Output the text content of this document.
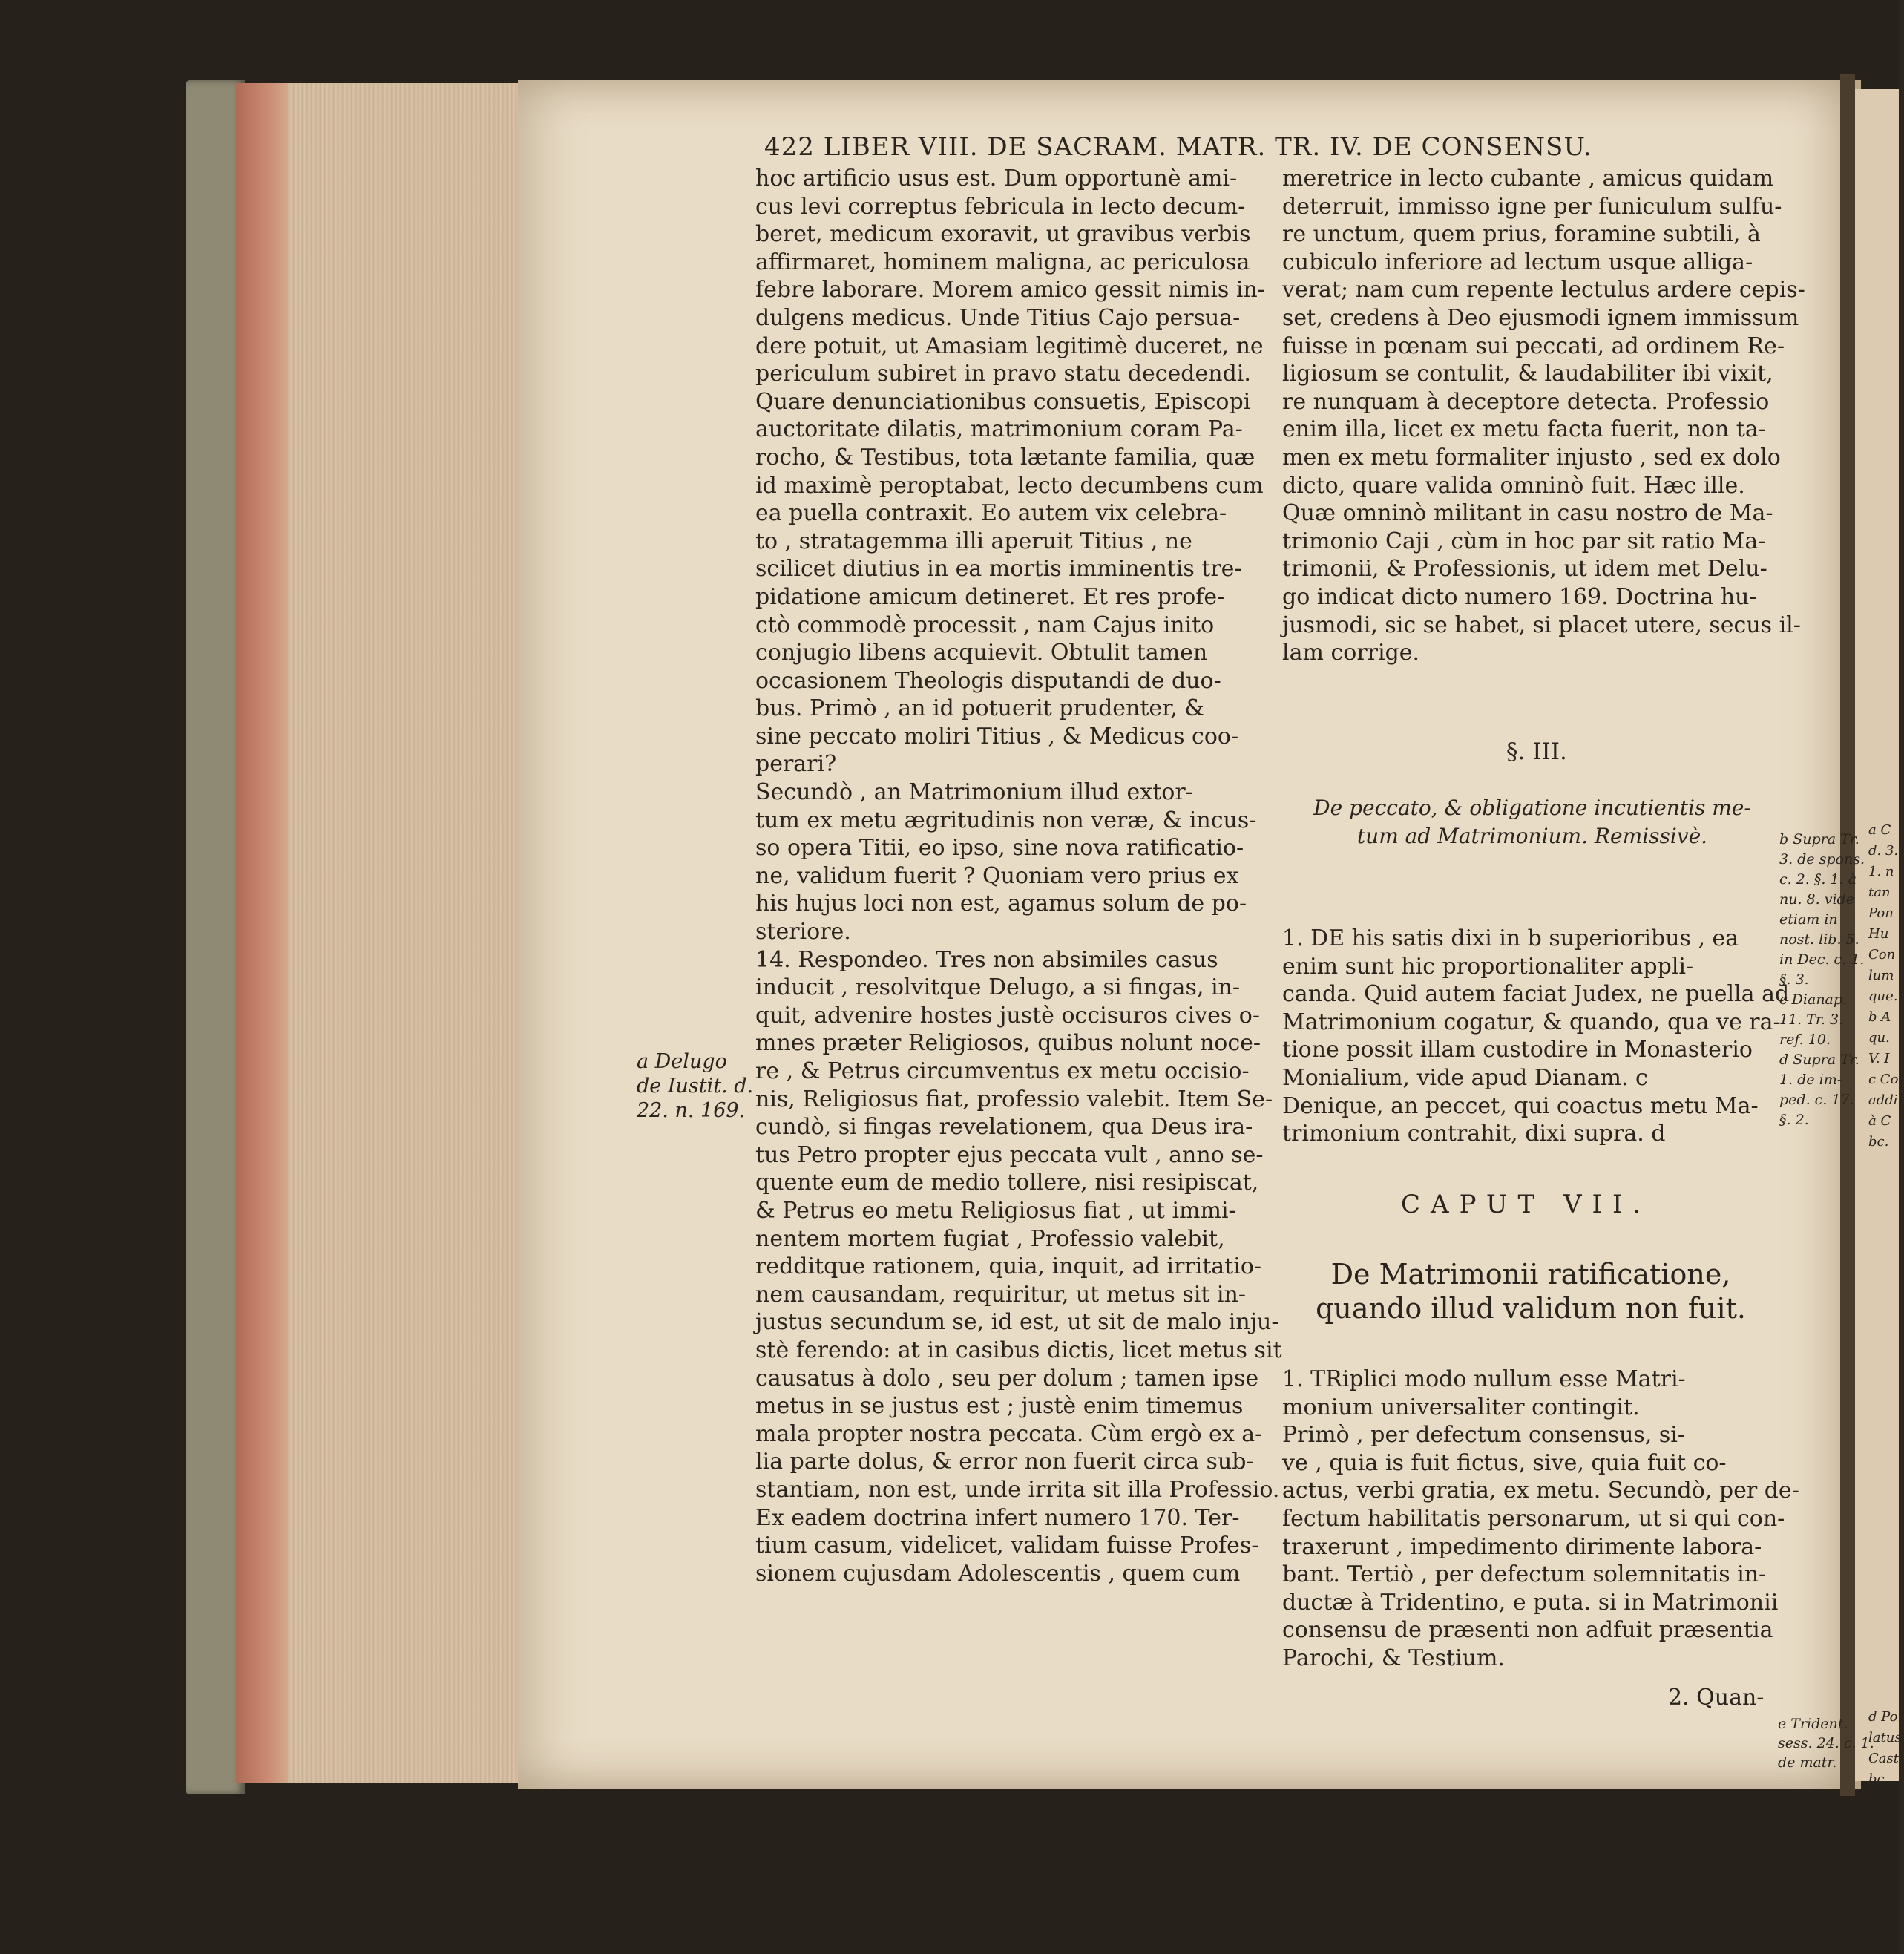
422 LIBER VIII. DE SACRAM. MATR. TR. IV. DE CONSENSU.
hoc artificio usus est. Dum opportunè ami-
cus levi correptus febricula in lecto decum-
beret, medicum exoravit, ut gravibus verbis
affirmaret, hominem maligna, ac periculosa
febre laborare. Morem amico gessit nimis in-
dulgens medicus. Unde Titius Cajo persua-
dere potuit, ut Amasiam legitimè duceret, ne
periculum subiret in pravo statu decedendi.
Quare denunciationibus consuetis, Episcopi
auctoritate dilatis, matrimonium coram Pa-
rocho, & Testibus, tota lætante familia, quæ
id maximè peroptabat, lecto decumbens cum
ea puella contraxit. Eo autem vix celebra-
to , stratagemma illi aperuit Titius , ne
scilicet diutius in ea mortis imminentis tre-
pidatione amicum detineret. Et res profe-
ctò commodè processit , nam Cajus inito
conjugio libens acquievit. Obtulit tamen
occasionem Theologis disputandi de duo-
bus. Primò , an id potuerit prudenter, &
sine peccato moliri Titius , & Medicus coo-
perari?
Secundò , an Matrimonium illud extor-
tum ex metu ægritudinis non veræ, & incus-
so opera Titii, eo ipso, sine nova ratificatio-
ne, validum fuerit ? Quoniam vero prius ex
his hujus loci non est, agamus solum de po-
steriore.
14. Respondeo. Tres non absimiles casus
inducit , resolvitque Delugo, a si fingas, in-
quit, advenire hostes justè occisuros cives o-
mnes præter Religiosos, quibus nolunt noce-
re , & Petrus circumventus ex metu occisio-
nis, Religiosus fiat, professio valebit. Item Se-
cundò, si fingas revelationem, qua Deus ira-
tus Petro propter ejus peccata vult , anno se-
quente eum de medio tollere, nisi resipiscat,
& Petrus eo metu Religiosus fiat , ut immi-
nentem mortem fugiat , Professio valebit,
redditque rationem, quia, inquit, ad irritatio-
nem causandam, requiritur, ut metus sit in-
justus secundum se, id est, ut sit de malo inju-
stè ferendo: at in casibus dictis, licet metus sit
causatus à dolo , seu per dolum ; tamen ipse
metus in se justus est ; justè enim timemus
mala propter nostra peccata. Cùm ergò ex a-
lia parte dolus, & error non fuerit circa sub-
stantiam, non est, unde irrita sit illa Professio.
Ex eadem doctrina infert numero 170. Ter-
tium casum, videlicet, validam fuisse Profes-
sionem cujusdam Adolescentis , quem cum
meretrice in lecto cubante , amicus quidam
deterruit, immisso igne per funiculum sulfu-
re unctum, quem prius, foramine subtili, à
cubiculo inferiore ad lectum usque alliga-
verat; nam cum repente lectulus ardere cepis-
set, credens à Deo ejusmodi ignem immissum
fuisse in pœnam sui peccati, ad ordinem Re-
ligiosum se contulit, & laudabiliter ibi vixit,
re nunquam à deceptore detecta. Professio
enim illa, licet ex metu facta fuerit, non ta-
men ex metu formaliter injusto , sed ex dolo
dicto, quare valida omninò fuit. Hæc ille.
Quæ omninò militant in casu nostro de Ma-
trimonio Caji , cùm in hoc par sit ratio Ma-
trimonii, & Professionis, ut idem met Delu-
go indicat dicto numero 169. Doctrina hu-
jusmodi, sic se habet, si placet utere, secus il-
lam corrige.
§. III.
De peccato, & obligatione incutientis me- tum ad Matrimonium. Remissivè.
1. DE his satis dixi in b superioribus , ea
enim sunt hic proportionaliter appli-
canda. Quid autem faciat Judex, ne puella ad
Matrimonium cogatur, & quando, qua ve ra-
tione possit illam custodire in Monasterio
Monialium, vide apud Dianam. c
Denique, an peccet, qui coactus metu Ma-
trimonium contrahit, dixi supra. d
CAPUT VII.
De Matrimonii ratificatione, quando illud validum non fuit.
1. TRiplici modo nullum esse Matri-
monium universaliter contingit.
Primò , per defectum consensus, si-
ve , quia is fuit fictus, sive, quia fuit co-
actus, verbi gratia, ex metu. Secundò, per de-
fectum habilitatis personarum, ut si qui con-
traxerunt , impedimento dirimente labora-
bant. Tertiò , per defectum solemnitatis in-
ductæ à Tridentino, e puta. si in Matrimonii
consensu de præsenti non adfuit præsentia
Parochi, & Testium.
2. Quan-
a Delugo
de Iustit. d.
22. n. 169.
b Supra Tr.
3. de spons.
c. 2. §. 1. à
nu. 8. vide
etiam in
nost. lib. 5.
in Dec. c. 1.
§. 3.
c Dianap.
11. Tr. 3.
ref. 10.
d Supra Tr.
1. de im-
ped. c. 17.
§. 2.
e Trident.
sess. 24. c. 1.
de matr.
a C
d. 3.
1. n
tan
Pon
Hu
Con
lum
que.
b A
qu.
V. I
c Co
addi
à C
bc.
d Por
latus
Cast
bc.
